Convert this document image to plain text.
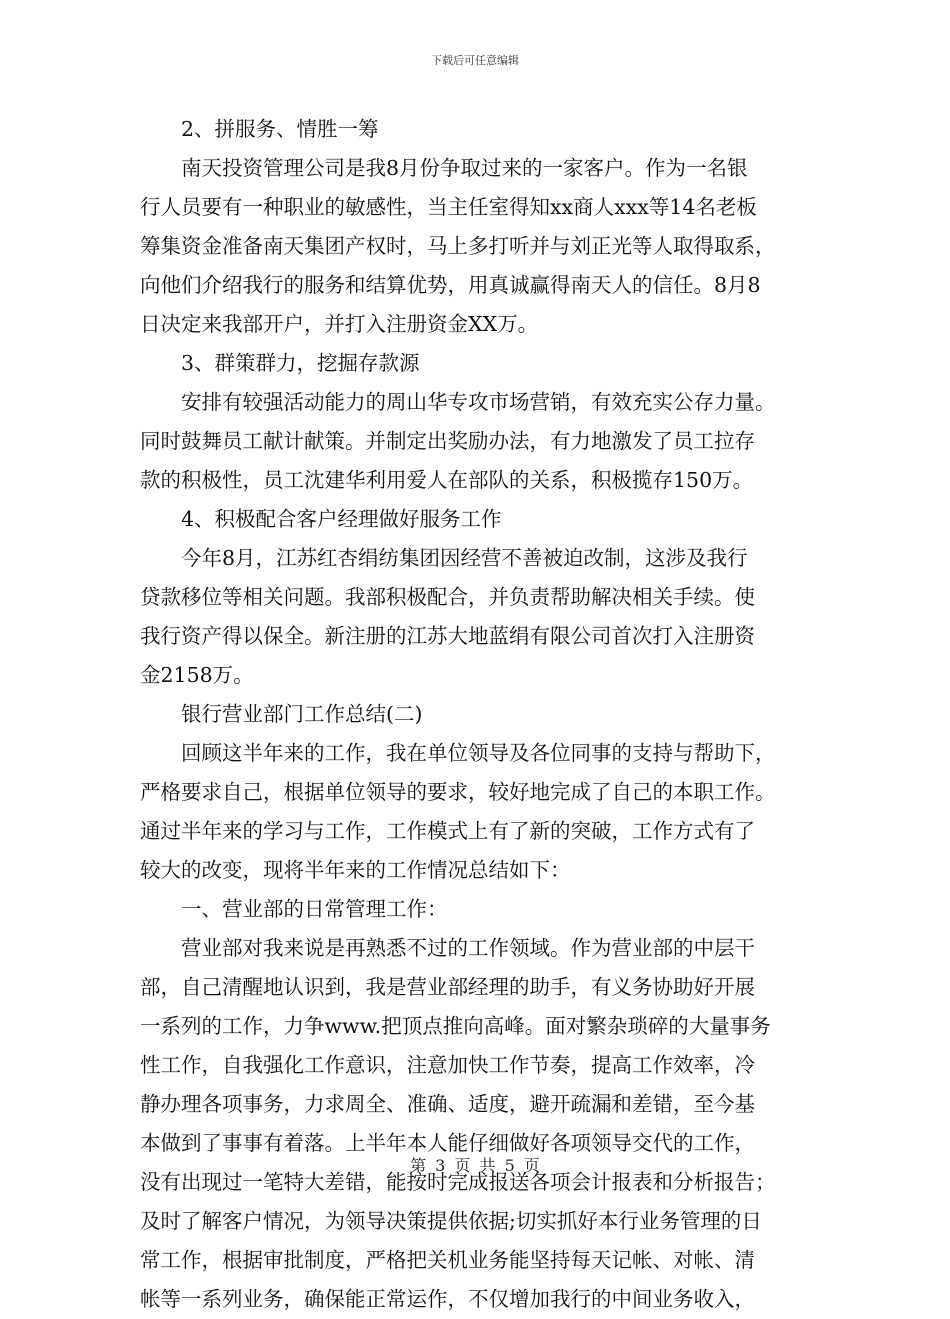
下载后可任意编辑
　　2、拼服务、情胜一筹
　　南天投资管理公司是我8月份争取过来的一家客户。作为一名银
行人员要有一种职业的敏感性，当主任室得知xx商人xxx等14名老板
筹集资金准备南天集团产权时，马上多打听并与刘正光等人取得取系，
向他们介绍我行的服务和结算优势，用真诚赢得南天人的信任。8月8
日决定来我部开户，并打入注册资金XX万。
　　3、群策群力，挖掘存款源
　　安排有较强活动能力的周山华专攻市场营销，有效充实公存力量。
同时鼓舞员工献计献策。并制定出奖励办法，有力地激发了员工拉存
款的积极性，员工沈建华利用爱人在部队的关系，积极揽存150万。
　　4、积极配合客户经理做好服务工作
　　今年8月，江苏红杏绢纺集团因经营不善被迫改制，这涉及我行
贷款移位等相关问题。我部积极配合，并负责帮助解决相关手续。使
我行资产得以保全。新注册的江苏大地蓝绢有限公司首次打入注册资
金2158万。
　　银行营业部门工作总结(二)
　　回顾这半年来的工作，我在单位领导及各位同事的支持与帮助下，
严格要求自己，根据单位领导的要求，较好地完成了自己的本职工作。
通过半年来的学习与工作，工作模式上有了新的突破，工作方式有了
较大的改变，现将半年来的工作情况总结如下：
　　一、营业部的日常管理工作：
　　营业部对我来说是再熟悉不过的工作领域。作为营业部的中层干
部，自己清醒地认识到，我是营业部经理的助手，有义务协助好开展
一系列的工作，力争www.把顶点推向高峰。面对繁杂琐碎的大量事务
性工作，自我强化工作意识，注意加快工作节奏，提高工作效率，冷
静办理各项事务，力求周全、准确、适度，避开疏漏和差错，至今基
本做到了事事有着落。上半年本人能仔细做好各项领导交代的工作，
没有出现过一笔特大差错，能按时完成报送各项会计报表和分析报告；
及时了解客户情况，为领导决策提供依据;切实抓好本行业务管理的日
常工作，根据审批制度，严格把关机业务能坚持每天记帐、对帐、清
帐等一系列业务，确保能正常运作，不仅增加我行的中间业务收入，
第 3 页 共 5 页
